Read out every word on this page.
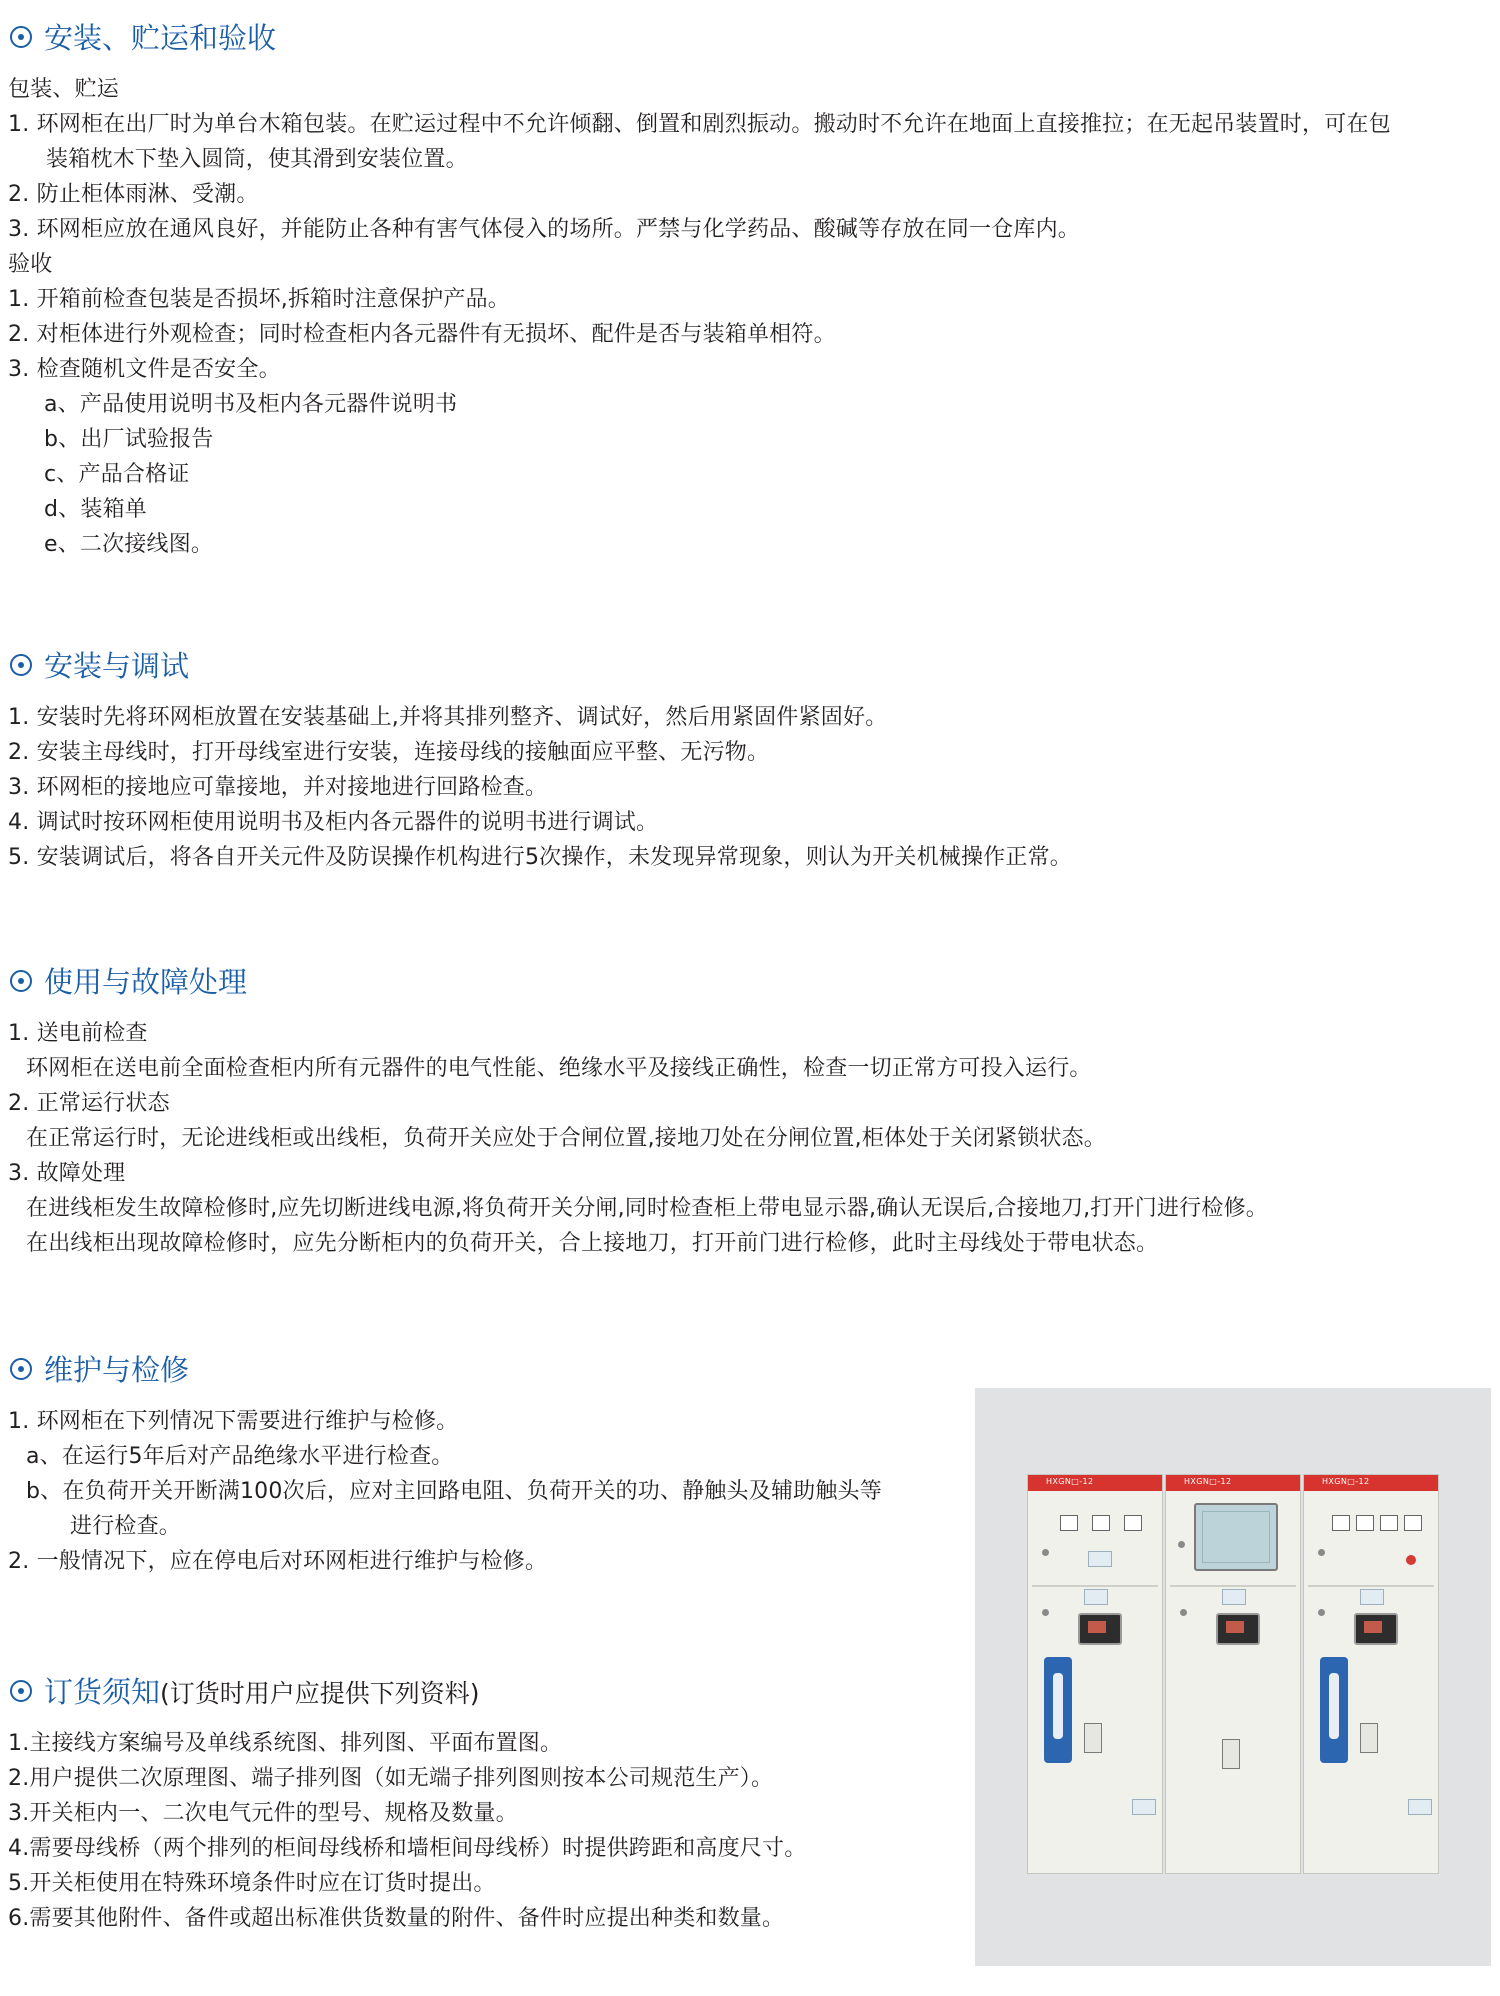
安装、贮运和验收
包装、贮运
1. 环网柜在出厂时为单台木箱包装。在贮运过程中不允许倾翻、倒置和剧烈振动。搬动时不允许在地面上直接推拉；在无起吊装置时，可在包
装箱枕木下垫入圆筒，使其滑到安装位置。
2. 防止柜体雨淋、受潮。
3. 环网柜应放在通风良好，并能防止各种有害气体侵入的场所。严禁与化学药品、酸碱等存放在同一仓库内。
验收
1. 开箱前检查包装是否损坏,拆箱时注意保护产品。
2. 对柜体进行外观检查；同时检查柜内各元器件有无损坏、配件是否与装箱单相符。
3. 检查随机文件是否安全。
a、产品使用说明书及柜内各元器件说明书
b、出厂试验报告
c、产品合格证
d、装箱单
e、二次接线图。
安装与调试
1. 安装时先将环网柜放置在安装基础上,并将其排列整齐、调试好，然后用紧固件紧固好。
2. 安装主母线时，打开母线室进行安装，连接母线的接触面应平整、无污物。
3. 环网柜的接地应可靠接地，并对接地进行回路检查。
4. 调试时按环网柜使用说明书及柜内各元器件的说明书进行调试。
5. 安装调试后，将各自开关元件及防误操作机构进行5次操作，未发现异常现象，则认为开关机械操作正常。
使用与故障处理
1. 送电前检查
环网柜在送电前全面检查柜内所有元器件的电气性能、绝缘水平及接线正确性，检查一切正常方可投入运行。
2. 正常运行状态
在正常运行时，无论进线柜或出线柜，负荷开关应处于合闸位置,接地刀处在分闸位置,柜体处于关闭紧锁状态。
3. 故障处理
在进线柜发生故障检修时,应先切断进线电源,将负荷开关分闸,同时检查柜上带电显示器,确认无误后,合接地刀,打开门进行检修。
在出线柜出现故障检修时，应先分断柜内的负荷开关，合上接地刀，打开前门进行检修，此时主母线处于带电状态。
维护与检修
1. 环网柜在下列情况下需要进行维护与检修。
a、在运行5年后对产品绝缘水平进行检查。
b、在负荷开关开断满100次后，应对主回路电阻、负荷开关的功、静触头及辅助触头等
进行检查。
2. 一般情况下，应在停电后对环网柜进行维护与检修。
订货须知(订货时用户应提供下列资料)
1.主接线方案编号及单线系统图、排列图、平面布置图。
2.用户提供二次原理图、端子排列图（如无端子排列图则按本公司规范生产）。
3.开关柜内一、二次电气元件的型号、规格及数量。
4.需要母线桥（两个排列的柜间母线桥和墙柜间母线桥）时提供跨距和高度尺寸。
5.开关柜使用在特殊环境条件时应在订货时提出。
6.需要其他附件、备件或超出标准供货数量的附件、备件时应提出种类和数量。
HXGN□-12	HXGN□-12	HXGN□-12
